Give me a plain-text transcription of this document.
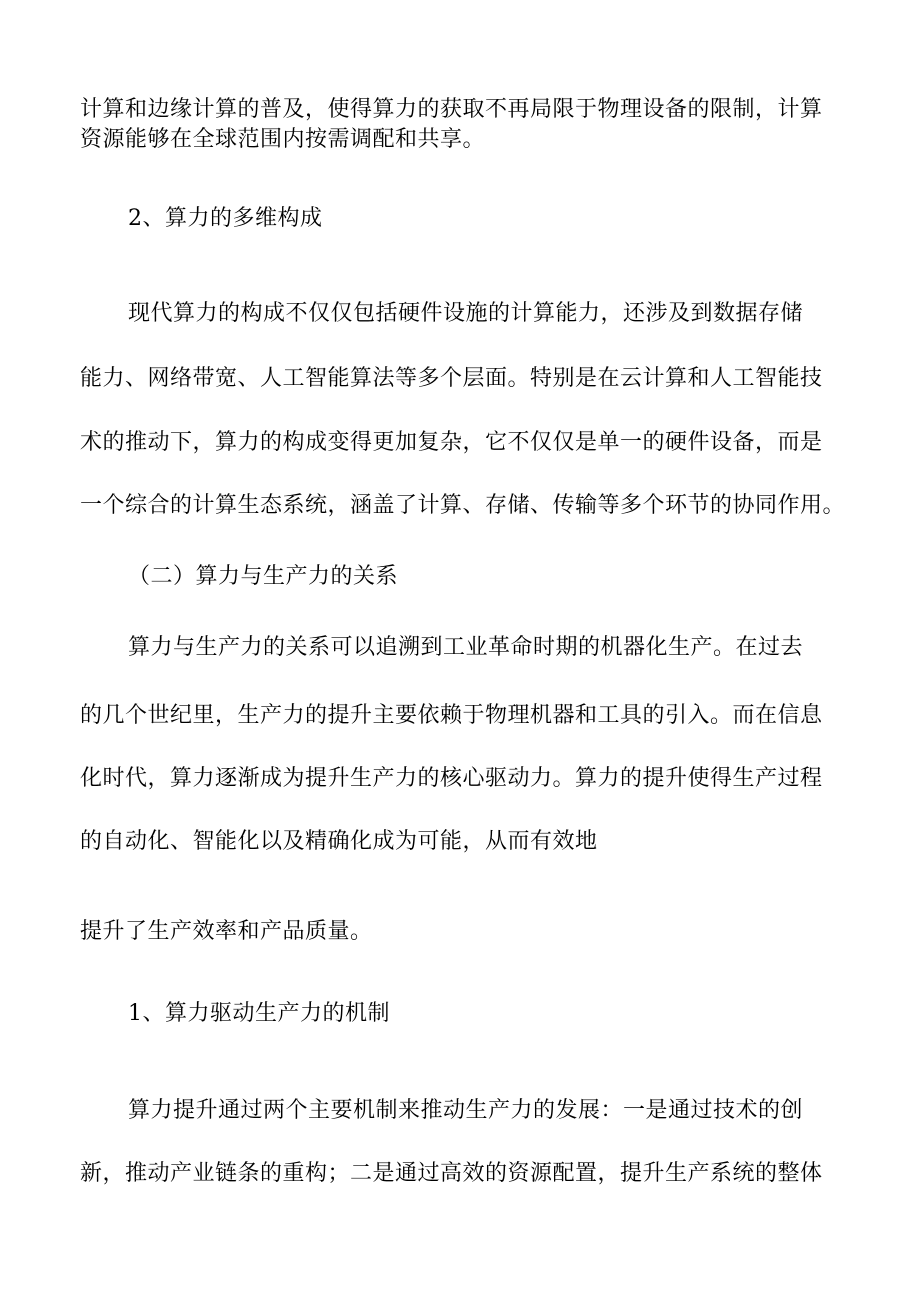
计算和边缘计算的普及，使得算力的获取不再局限于物理设备的限制，计算
资源能够在全球范围内按需调配和共享。
2、算力的多维构成
现代算力的构成不仅仅包括硬件设施的计算能力，还涉及到数据存储
能力、网络带宽、人工智能算法等多个层面。特别是在云计算和人工智能技
术的推动下，算力的构成变得更加复杂，它不仅仅是单一的硬件设备，而是
一个综合的计算生态系统，涵盖了计算、存储、传输等多个环节的协同作用。
（二）算力与生产力的关系
算力与生产力的关系可以追溯到工业革命时期的机器化生产。在过去
的几个世纪里，生产力的提升主要依赖于物理机器和工具的引入。而在信息
化时代，算力逐渐成为提升生产力的核心驱动力。算力的提升使得生产过程
的自动化、智能化以及精确化成为可能，从而有效地
提升了生产效率和产品质量。
1、算力驱动生产力的机制
算力提升通过两个主要机制来推动生产力的发展：一是通过技术的创
新，推动产业链条的重构；二是通过高效的资源配置，提升生产系统的整体
